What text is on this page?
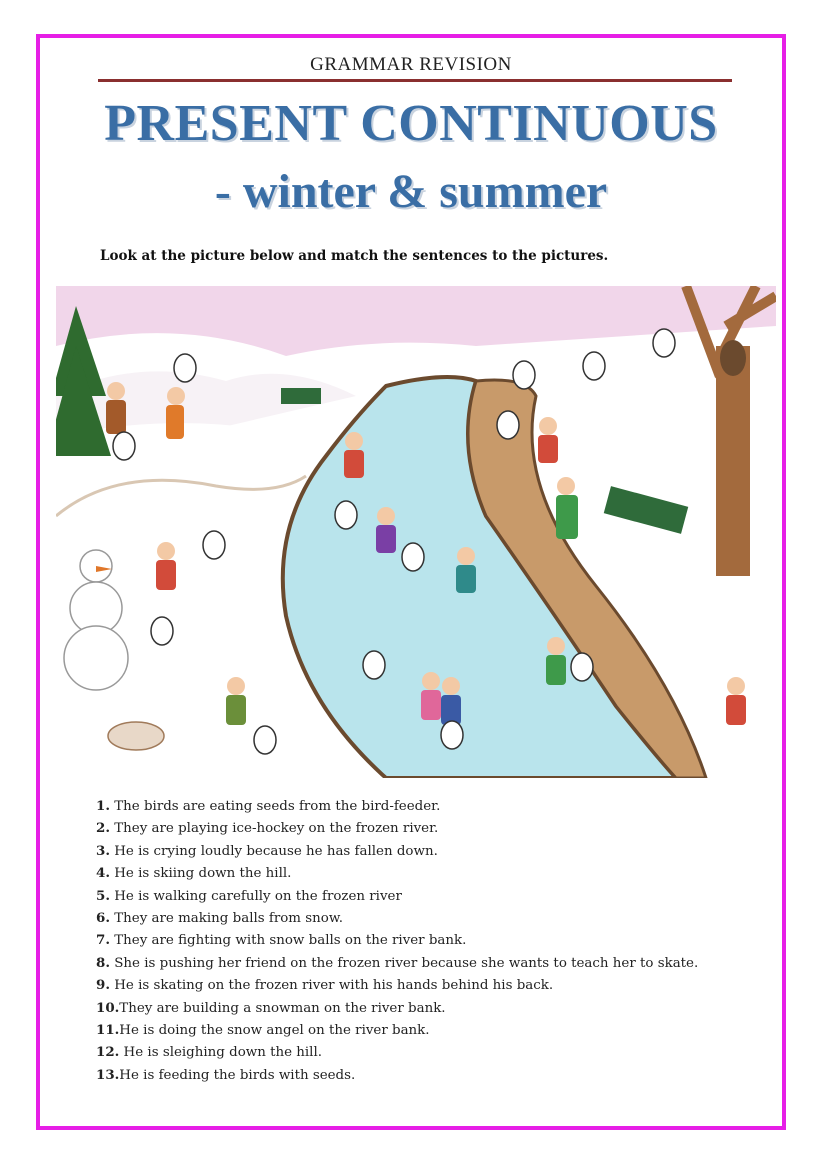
GRAMMAR REVISION
PRESENT CONTINUOUS
- winter & summer
Look at the picture below and match the sentences to the pictures.
1. The birds are eating seeds from the bird-feeder.
2. They are playing ice-hockey on the frozen river.
3. He is crying loudly because he has fallen down.
4. He is skiing down the hill.
5. He is walking carefully on the frozen river
6. They are making balls from snow.
7. They are fighting with snow balls on the river bank.
8. She is pushing her friend on the frozen river because she wants to teach her to skate.
9. He is skating on the frozen river with his hands behind his back.
10.They are building a snowman on the river bank.
11.He is doing the snow angel on the river bank.
12. He is sleighing down the hill.
13.He is feeding the birds with seeds.
